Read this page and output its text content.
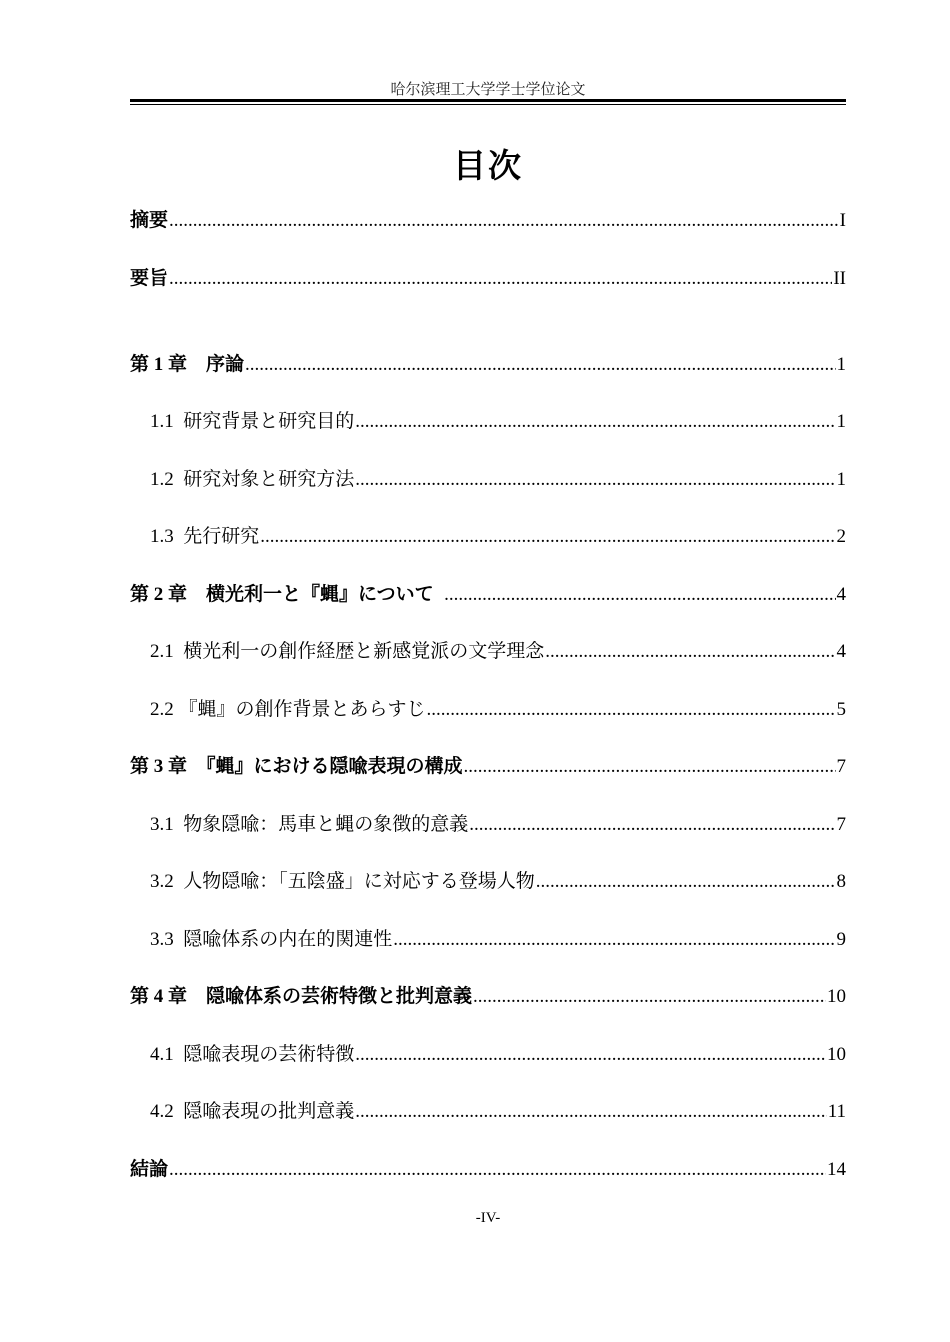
哈尔滨理工大学学士学位论文
目次
摘要 .....	I
要旨 .....	II
第 1 章　序論 .....	1
1.1  研究背景と研究目的 .....	1
1.2  研究対象と研究方法 .....	1
1.3  先行研究 .....	2
第 2 章　横光利一と『蝿』について .....	4
2.1  横光利一の創作経歴と新感覚派の文学理念 .....	4
2.2 『蝿』の創作背景とあらすじ .....	5
第 3 章　『蝿』における隠喩表現の構成 .....	7
3.1  物象隠喩：馬車と蝿の象徴的意義 .....	7
3.2  人物隠喩：「五陰盛」に対応する登場人物 .....	8
3.3  隠喩体系の内在的関連性 .....	9
第 4 章　隠喩体系の芸術特徴と批判意義 .....	10
4.1  隠喩表現の芸術特徴 .....	10
4.2  隠喩表現の批判意義 .....	11
結論 .....	14
-IV-
